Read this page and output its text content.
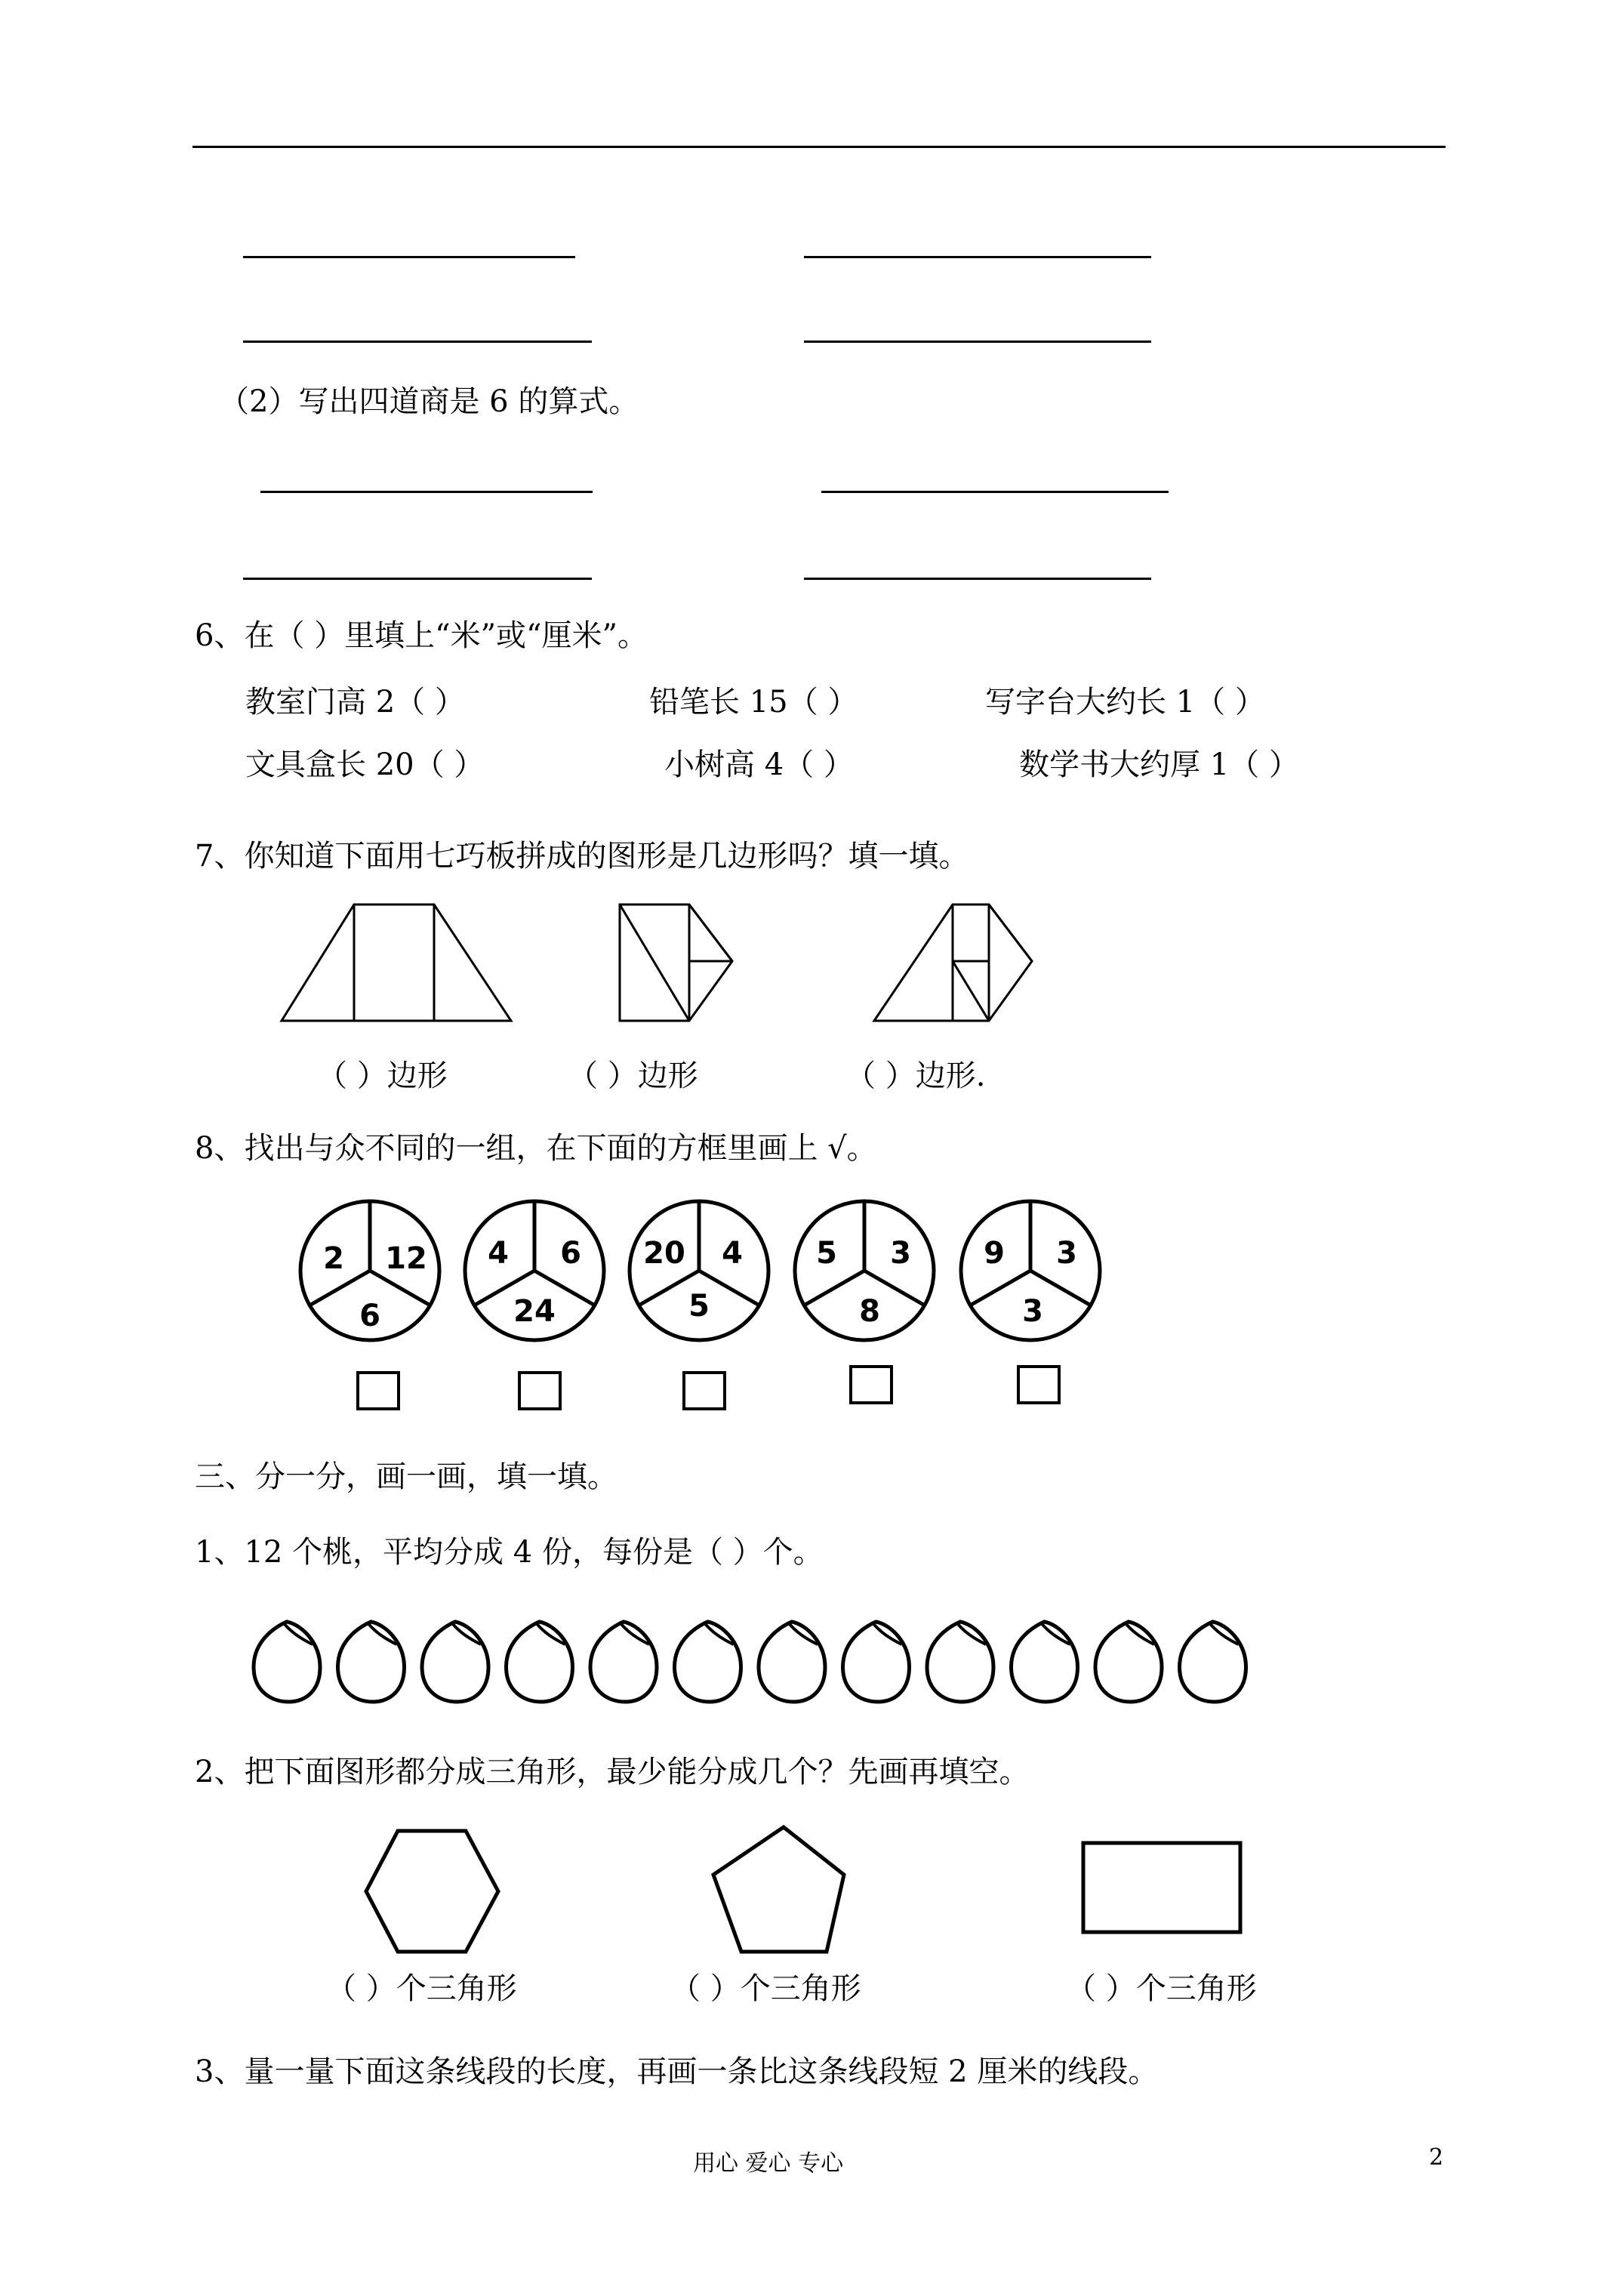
（2）写出四道商是 6 的算式。
6、在（ ）里填上“米”或“厘米”。
教室门高 2（ ）	铅笔长 15（ ）	写字台大约长 1（ ）
文具盒长 20（ ）	小树高 4（ ）	数学书大约厚 1（ ）
7、你知道下面用七巧板拼成的图形是几边形吗？填一填。
（ ）边形	（ ）边形	（ ）边形.
8、找出与众不同的一组，在下面的方框里画上 √。
2 12
6
4 6
24
20 4
5
5 3
8
9 3
3
三、分一分，画一画，填一填。
1、12 个桃，平均分成 4 份，每份是（ ）个。
2、把下面图形都分成三角形，最少能分成几个？先画再填空。
（ ）个三角形	（ ）个三角形	（ ）个三角形
3、量一量下面这条线段的长度，再画一条比这条线段短 2 厘米的线段。
用心 爱心 专心	2
